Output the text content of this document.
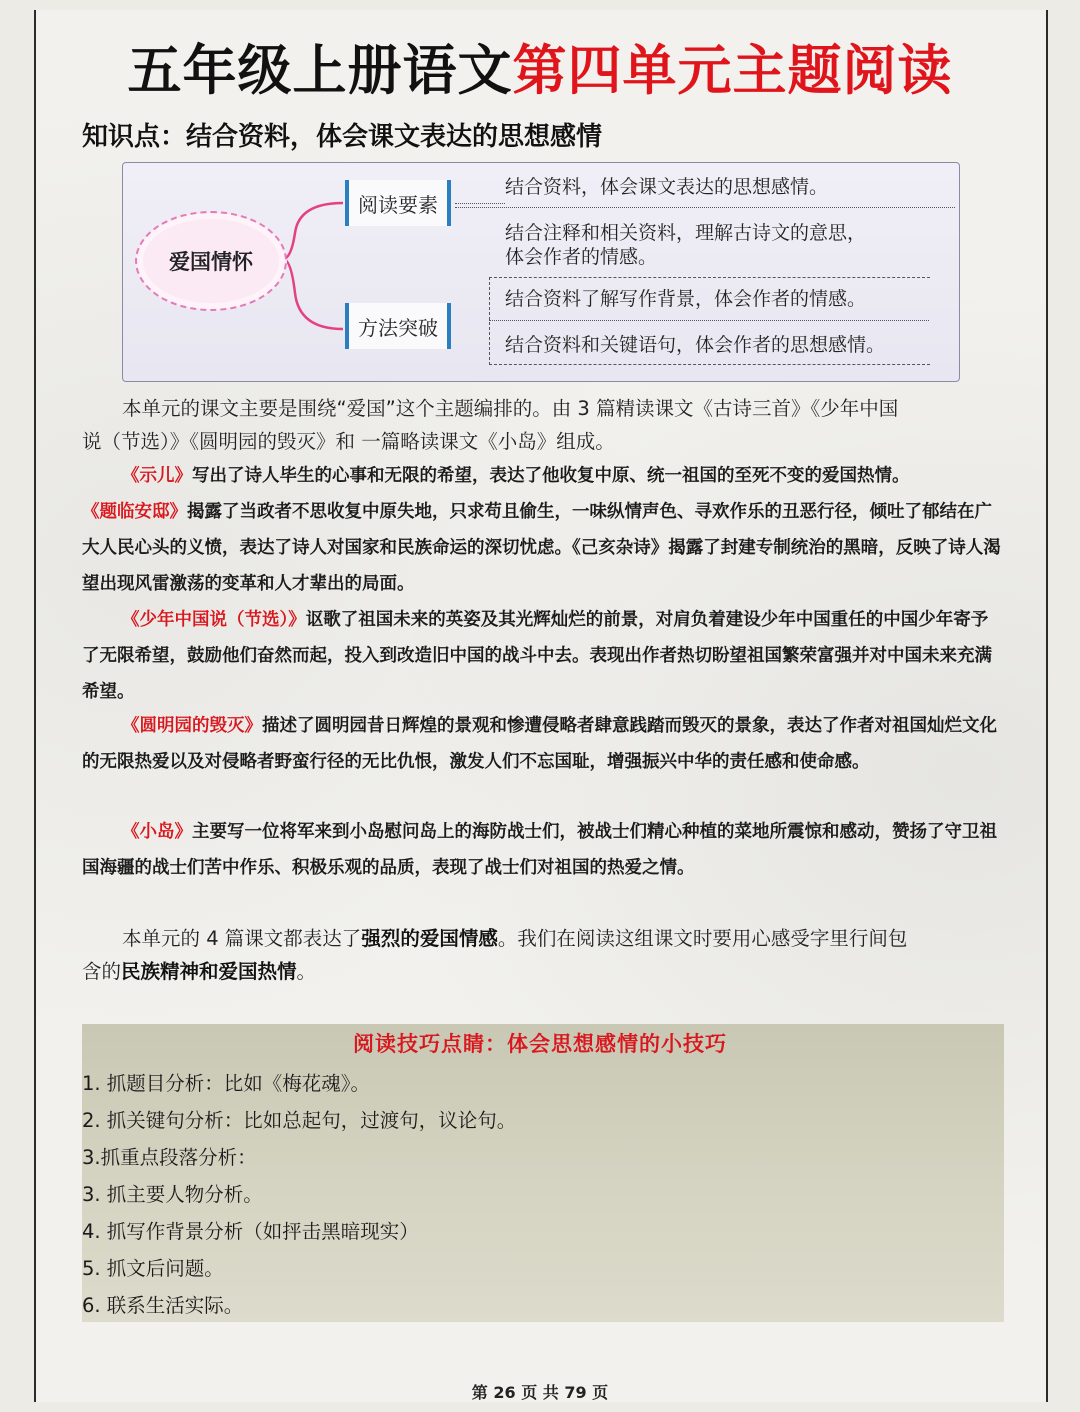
五年级上册语文第四单元主题阅读
知识点：结合资料，体会课文表达的思想感情
爱国情怀
阅读要素
结合资料，体会课文表达的思想感情。
结合注释和相关资料，理解古诗文的意思，
体会作者的情感。
方法突破
结合资料了解写作背景，体会作者的情感。
结合资料和关键语句，体会作者的思想感情。
本单元的课文主要是围绕“爱国”这个主题编排的。由 3 篇精读课文《古诗三首》《少年中国
说（节选）》《圆明园的毁灭》和 一篇略读课文《小岛》组成。
《示儿》写出了诗人毕生的心事和无限的希望，表达了他收复中原、统一祖国的至死不变的爱国热情。《题临安邸》揭露了当政者不思收复中原失地，只求苟且偷生，一味纵情声色、寻欢作乐的丑恶行径，倾吐了郁结在广大人民心头的义愤，表达了诗人对国家和民族命运的深切忧虑。《己亥杂诗》揭露了封建专制统治的黑暗，反映了诗人渴望出现风雷激荡的变革和人才辈出的局面。
《少年中国说（节选）》讴歌了祖国未来的英姿及其光辉灿烂的前景，对肩负着建设少年中国重任的中国少年寄予了无限希望，鼓励他们奋然而起，投入到改造旧中国的战斗中去。表现出作者热切盼望祖国繁荣富强并对中国未来充满希望。
《圆明园的毁灭》描述了圆明园昔日辉煌的景观和惨遭侵略者肆意践踏而毁灭的景象，表达了作者对祖国灿烂文化的无限热爱以及对侵略者野蛮行径的无比仇恨，激发人们不忘国耻，增强振兴中华的责任感和使命感。
《小岛》主要写一位将军来到小岛慰问岛上的海防战士们，被战士们精心种植的菜地所震惊和感动，赞扬了守卫祖国海疆的战士们苦中作乐、积极乐观的品质，表现了战士们对祖国的热爱之情。
本单元的 4 篇课文都表达了强烈的爱国情感。我们在阅读这组课文时要用心感受字里行间包
含的民族精神和爱国热情。
阅读技巧点睛：体会思想感情的小技巧
1. 抓题目分析：比如《梅花魂》。
2. 抓关键句分析：比如总起句，过渡句，议论句。
3.抓重点段落分析：
3. 抓主要人物分析。
4. 抓写作背景分析（如抨击黑暗现实）
5. 抓文后问题。
6. 联系生活实际。
第 26 页 共 79 页
